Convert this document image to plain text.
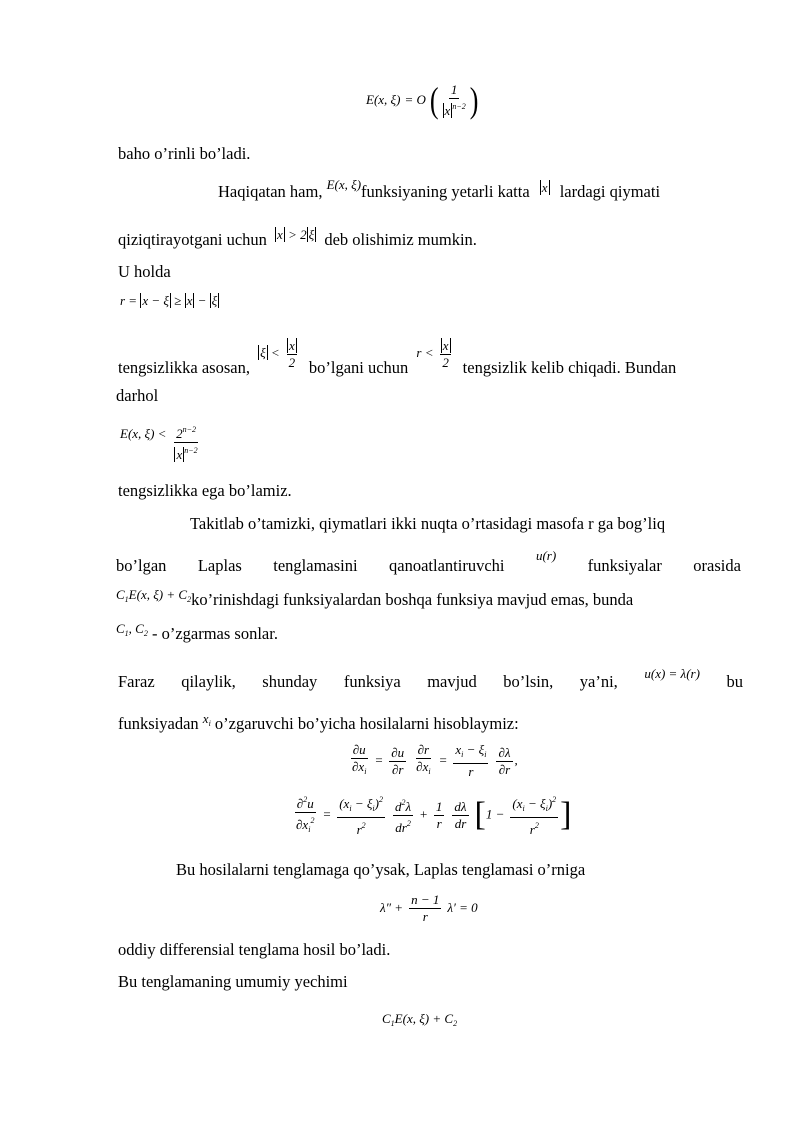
E(x, ξ) = O ( $\frac{1}{x ^{n-2}}$ )
baho o’rinli bo’ladi.
Haqiqatan ham, $^{E(x, \xi)}$funksiyaning yetarli katta $^x$ lardagi qiymati
qiziqtirayotgani uchun $^{x > 2 \xi}$ deb olishimiz mumkin.
U holda
r = x − ξ ≥ x − ξ
tengsizlikka asosan, $\xi < \frac{x}{2}$ bo’lgani uchun $r < \frac{x}{2}$ tengsizlik kelib chiqadi. Bundan
darhol
$^{E(x, \xi) <} \frac{2^{n-2}}{x ^{n-2}}$
tengsizlikka ega bo’lamiz.
Takitlab o’tamizki, qiymatlari ikki nuqta o’rtasidagi masofa r ga bog’liq
bo’lgan Laplas tenglamasini qanoatlantiruvchi
u(r)
funksiyalar orasida
$^{C_1E(x, \xi) + C_2}$ko’rinishdagi funksiyalardan boshqa funksiya mavjud emas, bunda
$^{C_1, C_2}$ - o’zgarmas sonlar.
Faraz qilaylik, shunday funksiya mavjud bo’lsin, ya’ni, u(x) = λ(r) bu
funksiyadan $^{x_i}$ o’zgaruvchi bo’yicha hosilalarni hisoblaymiz:
$\frac{\partial u}{\partial x_i} = \frac{\partial u}{\partial r}$
$\frac{\partial r}{\partial x_i} = \frac{x_i - \xi_i}{r}$
$\frac{\partial\lambda}{\partial r}$ ,
$\frac{\partial^2u}{\partial x_i^2} = \frac{(x_i - \xi_i)^2}{r^2}$
$\frac{d^2\lambda}{dr^2} + \frac{1}{r}$
$\frac{d\lambda}{dr} [1 - \frac{(x_i - \xi_i)^2}{r^2}$ ]
Bu hosilalarni tenglamaga qo’ysak, Laplas tenglamasi o’rniga
$\lambda'' + \frac{n - 1}{r} \lambda' = 0$
oddiy differensial tenglama hosil bo’ladi.
Bu tenglamaning umumiy yechimi
$C_1E(x$, $\xi) + C_2$
